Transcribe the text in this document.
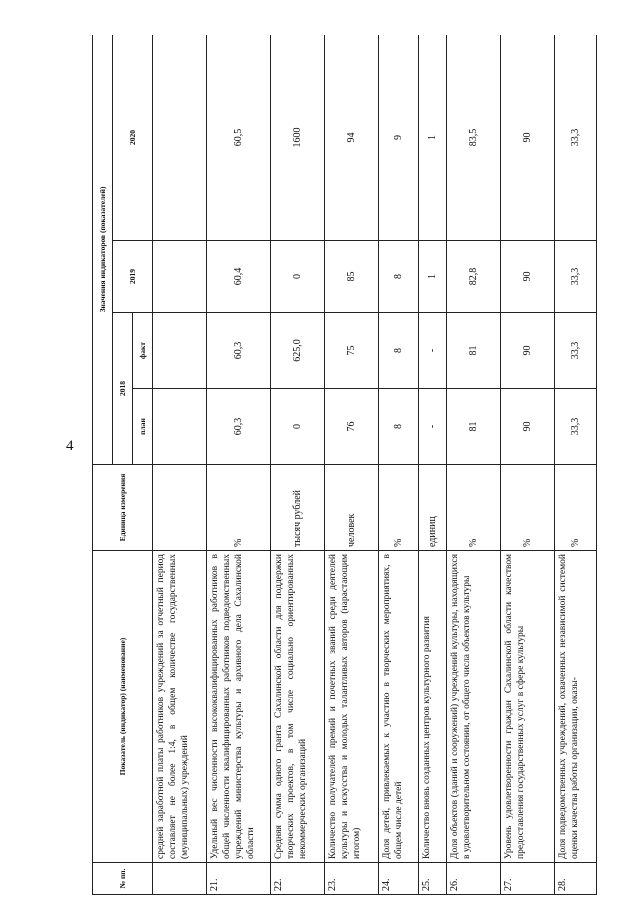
4
№ пп.	Показатель (индикатор) (наименование)	Единица измерения	Значения индикаторов (показателей)			
			2018		2019	2020
			план	факт		
	средней заработной платы работников учреждений за отчетный период составляет не более 1:4, в общем количестве государственных (муниципальных) учреждений					
21.	Удельный вес численности высококвалифицированных работников в общей численности квалифицированных работников подведомственных учреждений министерства культуры и архивного дела Сахалинской области	%	60,3	60,3	60,4	60,5
22.	Средняя сумма одного гранта Сахалинской области для поддержки творческих проектов, в том числе социально ориентированных некоммерческих организаций	тысяч рублей	0	625,0	0	1600
23.	Количество получателей премий и почетных званий среди деятелей культуры и искусства и молодых талантливых авторов (нарастающим итогом)	человек	76	75	85	94
24.	Доля детей, привлекаемых к участию в творческих мероприятиях, в общем числе детей	%	8	8	8	9
25.	Количество вновь созданных центров культурного развития	единиц	-	-	1	1
26.	Доля объектов (зданий и сооружений) учреждений культуры, находящихся в удовлетворительном состоянии, от общего числа объектов культуры	%	81	81	82,8	83,5
27.	Уровень удовлетворенности граждан Сахалинской области качеством предоставления государственных услуг в сфере культуры	%	90	90	90	90
28.	Доля подведомственных учреждений, охваченных независимой системой оценки качества работы организации, оказы-	%	33,3	33,3	33,3	33,3
